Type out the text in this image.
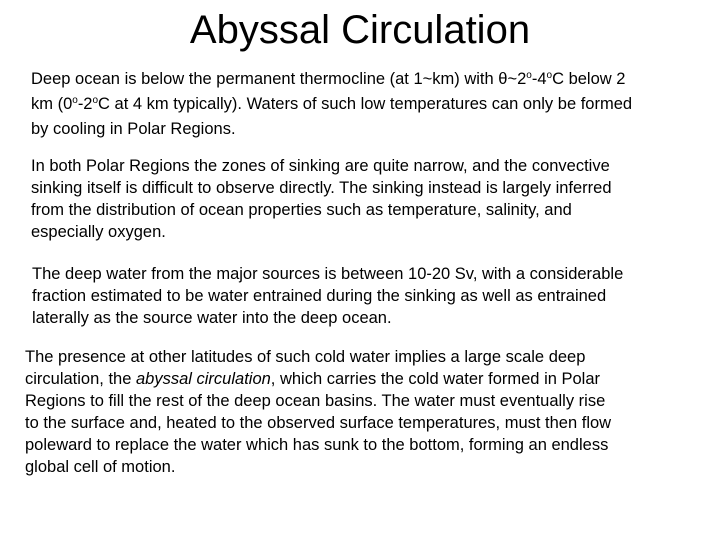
Abyssal Circulation

Deep ocean is below the permanent thermocline (at 1~km) with θ~2$^o$-4$^o$C below 2
km (0$^o$-2$^o$C at 4 km typically). Waters of such low temperatures can only be formed
by cooling in Polar Regions.

In both Polar Regions the zones of sinking are quite narrow, and the convective
sinking itself is difficult to observe directly. The sinking instead is largely inferred
from the distribution of ocean properties such as temperature, salinity, and
especially oxygen.

The deep water from the major sources is between 10-20 Sv, with a considerable
fraction estimated to be water entrained during the sinking as well as entrained
laterally as the source water into the deep ocean.

The presence at other latitudes of such cold water implies a large scale deep
circulation, the abyssal circulation, which carries the cold water formed in Polar
Regions to fill the rest of the deep ocean basins. The water must eventually rise
to the surface and, heated to the observed surface temperatures, must then flow
poleward to replace the water which has sunk to the bottom, forming an endless
global cell of motion.
